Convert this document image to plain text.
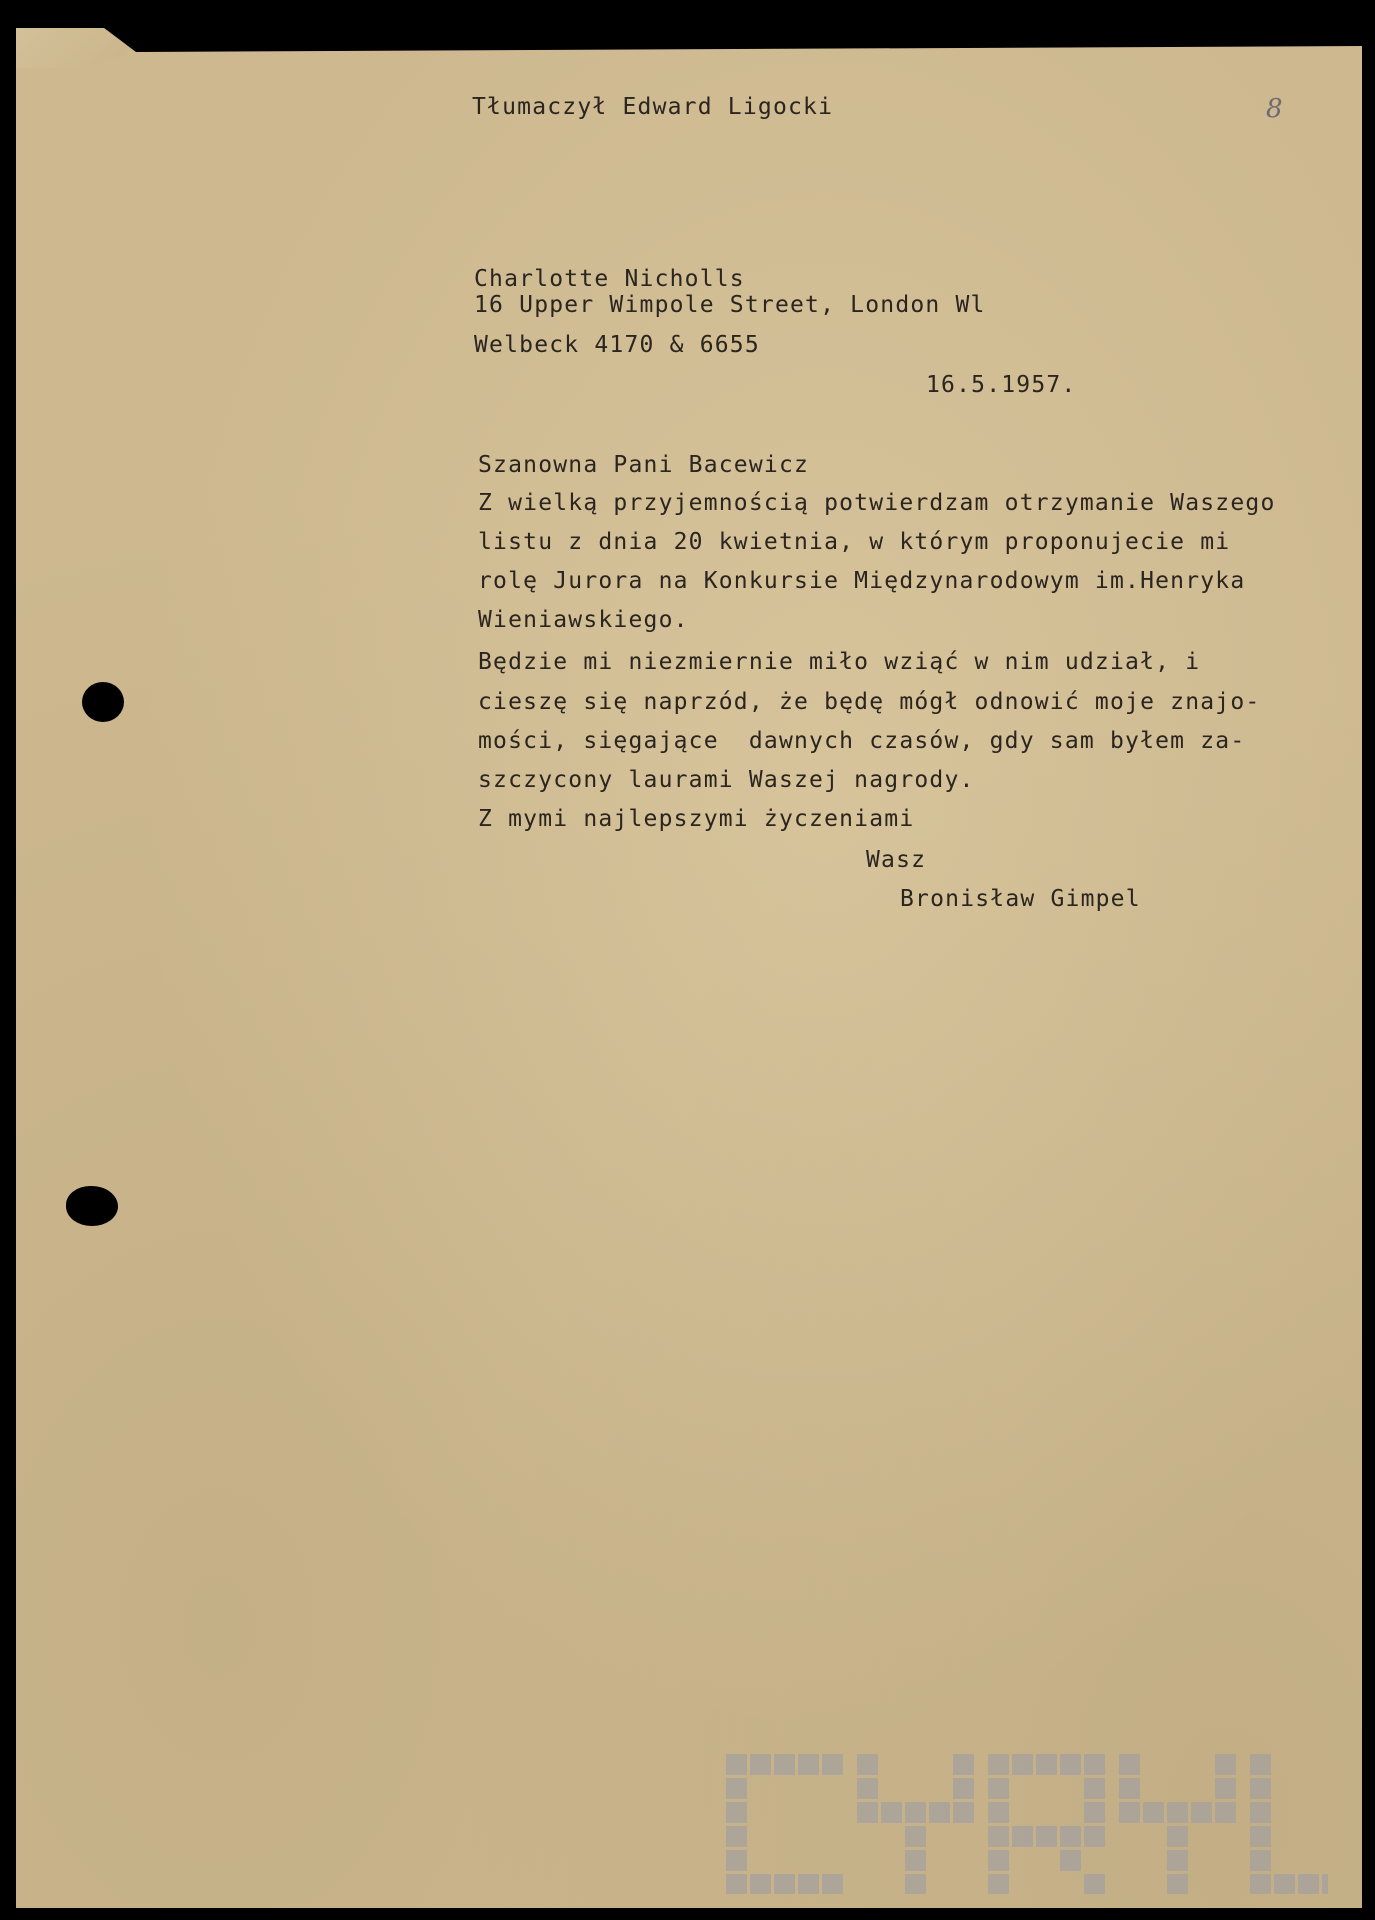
Tłumaczył Edward Ligocki	8
Charlotte Nicholls
16 Upper Wimpole Street, London Wl
Welbeck 4170 & 6655
16.5.1957.
Szanowna Pani Bacewicz
Z wielką przyjemnością potwierdzam otrzymanie Waszego
listu z dnia 20 kwietnia, w którym proponujecie mi
rolę Jurora na Konkursie Międzynarodowym im.Henryka
Wieniawskiego.
Będzie mi niezmiernie miło wziąć w nim udział, i
cieszę się naprzód, że będę mógł odnowić moje znajo-
mości, sięgające  dawnych czasów, gdy sam byłem za-
szczycony laurami Waszej nagrody.
Z mymi najlepszymi życzeniami
Wasz
Bronisław Gimpel
